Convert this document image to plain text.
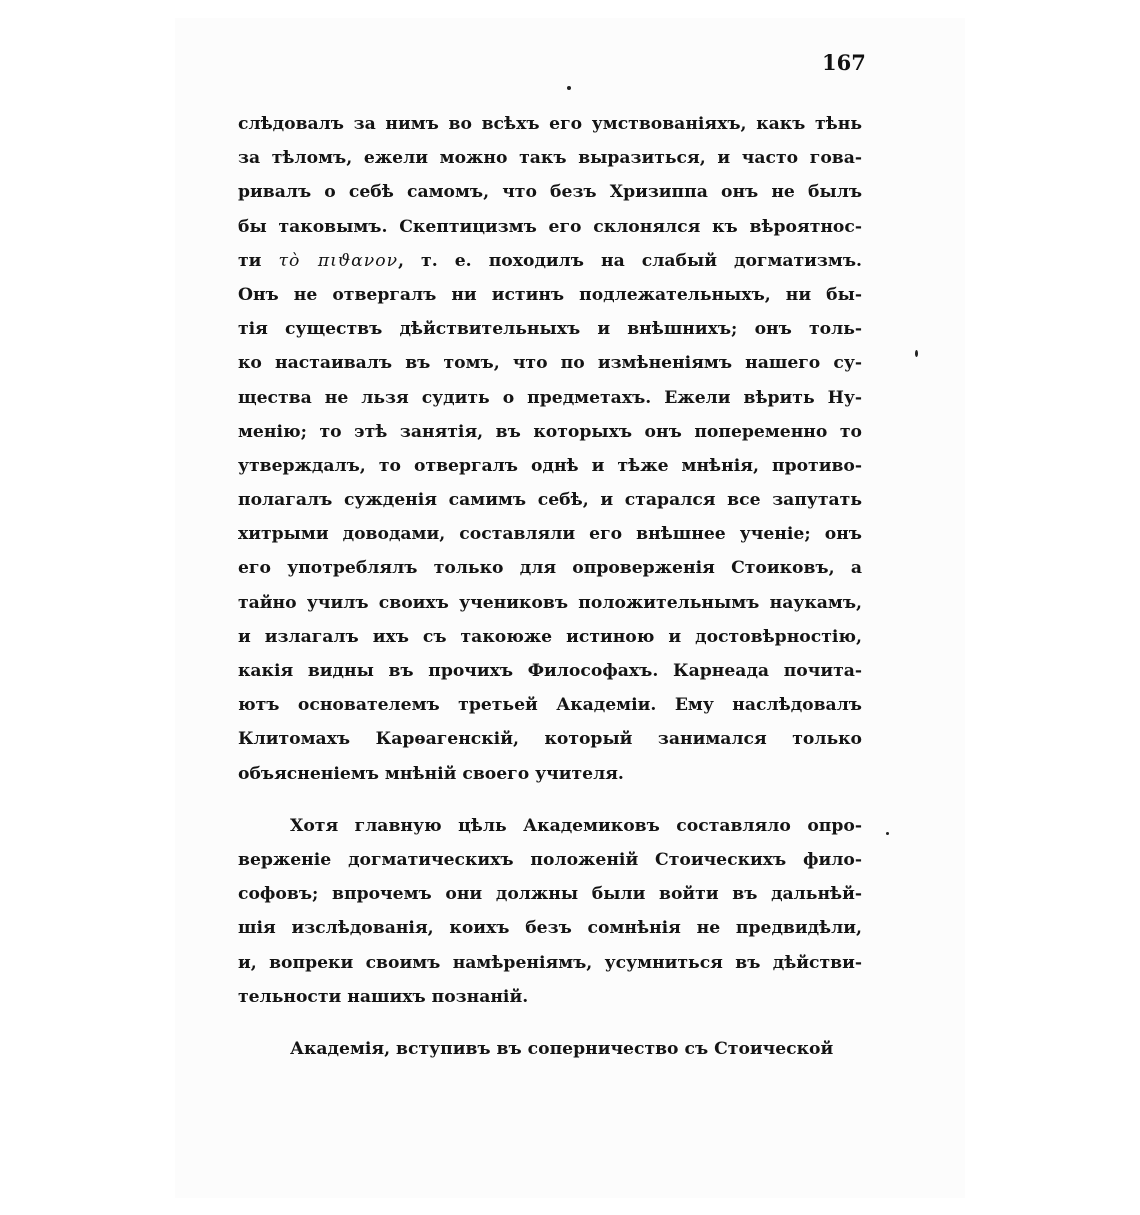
167
слѣдовалъ за нимъ во всѣхъ его умствованіяхъ, какъ тѣнь
за тѣломъ, ежели можно такъ выразиться, и часто гова-
ривалъ о себѣ самомъ, что безъ Хризиппа онъ не былъ
бы таковымъ. Скептицизмъ его склонялся къ вѣроятнос-
ти τὸ πιϑανον, т. е. походилъ на слабый догматизмъ.
Онъ не отвергалъ ни истинъ подлежательныхъ, ни бы-
тія существъ дѣйствительныхъ и внѣшнихъ; онъ толь-
ко настаивалъ въ томъ, что по измѣненіямъ нашего су-
щества не льзя судить о предметахъ. Ежели вѣрить Ну-
менію; то этѣ занятія, въ которыхъ онъ попеременно то
утверждалъ, то отвергалъ однѣ и тѣже мнѣнія, противо-
полагалъ сужденія самимъ себѣ, и старался все запутать
хитрыми доводами, составляли его внѣшнее ученіе; онъ
его употреблялъ только для опроверженія Стоиковъ, а
тайно училъ своихъ учениковъ положительнымъ наукамъ,
и излагалъ ихъ съ такоюже истиною и достовѣрностію,
какія видны въ прочихъ Философахъ. Карнеада почита-
ютъ основателемъ третьей Академіи. Ему наслѣдовалъ
Клитомахъ Карѳагенскій, который занимался только
объясненіемъ мнѣній своего учителя.
Хотя главную цѣль Академиковъ составляло опро-
верженіе догматическихъ положеній Стоическихъ фило-
софовъ; впрочемъ они должны были войти въ дальнѣй-
шія изслѣдованія, коихъ безъ сомнѣнія не предвидѣли,
и, вопреки своимъ намѣреніямъ, усумниться въ дѣйстви-
тельности нашихъ познаній.
Академія, вступивъ въ соперничество съ Стоической
